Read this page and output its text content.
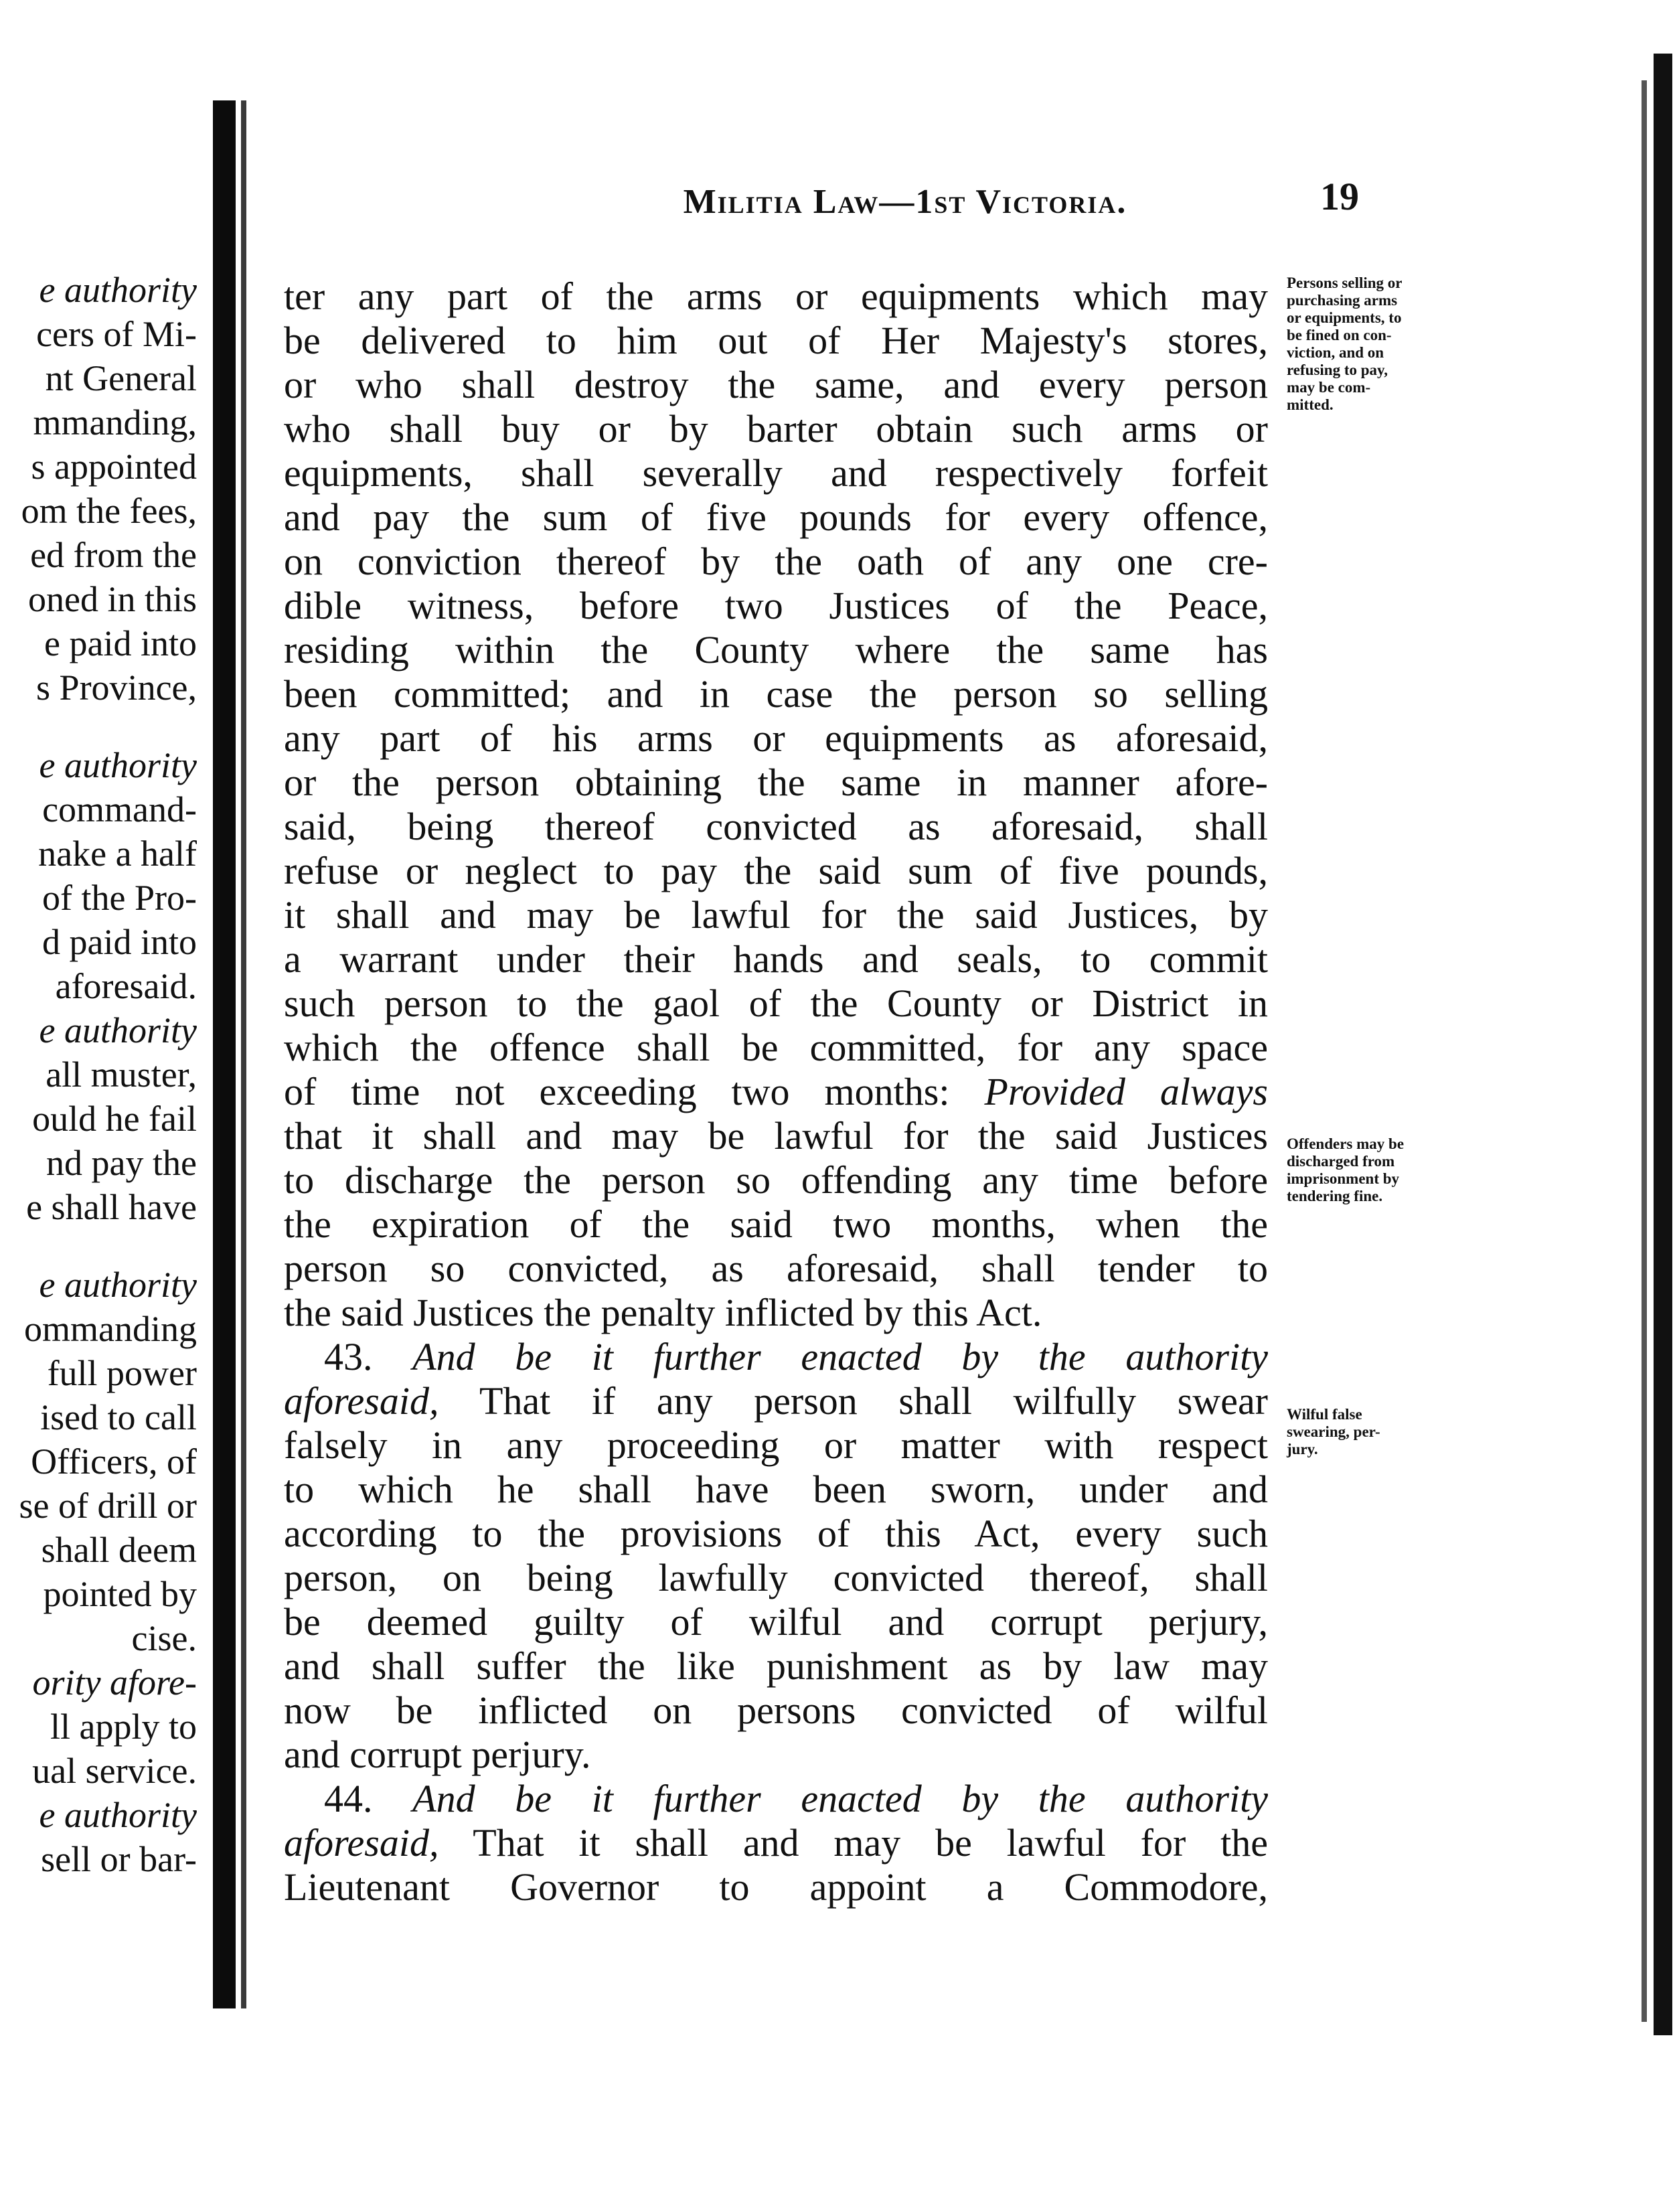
e authority
cers of Mi-
nt General
mmanding,
s appointed
om the fees,
ed from the
oned in this
e paid into
s Province,
e authority
command-
nake a half
of the Pro-
d paid into
aforesaid.
e authority
all muster,
ould he fail
nd pay the
e shall have
e authority
ommanding
full power
ised to call
Officers, of
se of drill or
shall deem
pointed by
cise.
ority afore-
ll apply to
ual service.
e authority
sell or bar-
Militia Law—1st Victoria.	19
ter any part of the arms or equipments which may
be delivered to him out of Her Majesty's stores,
or who shall destroy the same, and every person
who shall buy or by barter obtain such arms or
equipments, shall severally and respectively forfeit
and pay the sum of five pounds for every offence,
on conviction thereof by the oath of any one cre-
dible witness, before two Justices of the Peace,
residing within the County where the same has
been committed; and in case the person so selling
any part of his arms or equipments as aforesaid,
or the person obtaining the same in manner afore-
said, being thereof convicted as aforesaid, shall
refuse or neglect to pay the said sum of five pounds,
it shall and may be lawful for the said Justices, by
a warrant under their hands and seals, to commit
such person to the gaol of the County or District in
which the offence shall be committed, for any space
of time not exceeding two months: Provided always
that it shall and may be lawful for the said Justices
to discharge the person so offending any time before
the expiration of the said two months, when the
person so convicted, as aforesaid, shall tender to
the said Justices the penalty inflicted by this Act.
43. And be it further enacted by the authority
aforesaid, That if any person shall wilfully swear
falsely in any proceeding or matter with respect
to which he shall have been sworn, under and
according to the provisions of this Act, every such
person, on being lawfully convicted thereof, shall
be deemed guilty of wilful and corrupt perjury,
and shall suffer the like punishment as by law may
now be inflicted on persons convicted of wilful
and corrupt perjury.
44. And be it further enacted by the authority
aforesaid, That it shall and may be lawful for the
Lieutenant Governor to appoint a Commodore,
Persons selling or
purchasing arms
or equipments, to
be fined on con-
viction, and on
refusing to pay,
may be com-
mitted.
Offenders may be
discharged from
imprisonment by
tendering fine.
Wilful false
swearing, per-
jury.
